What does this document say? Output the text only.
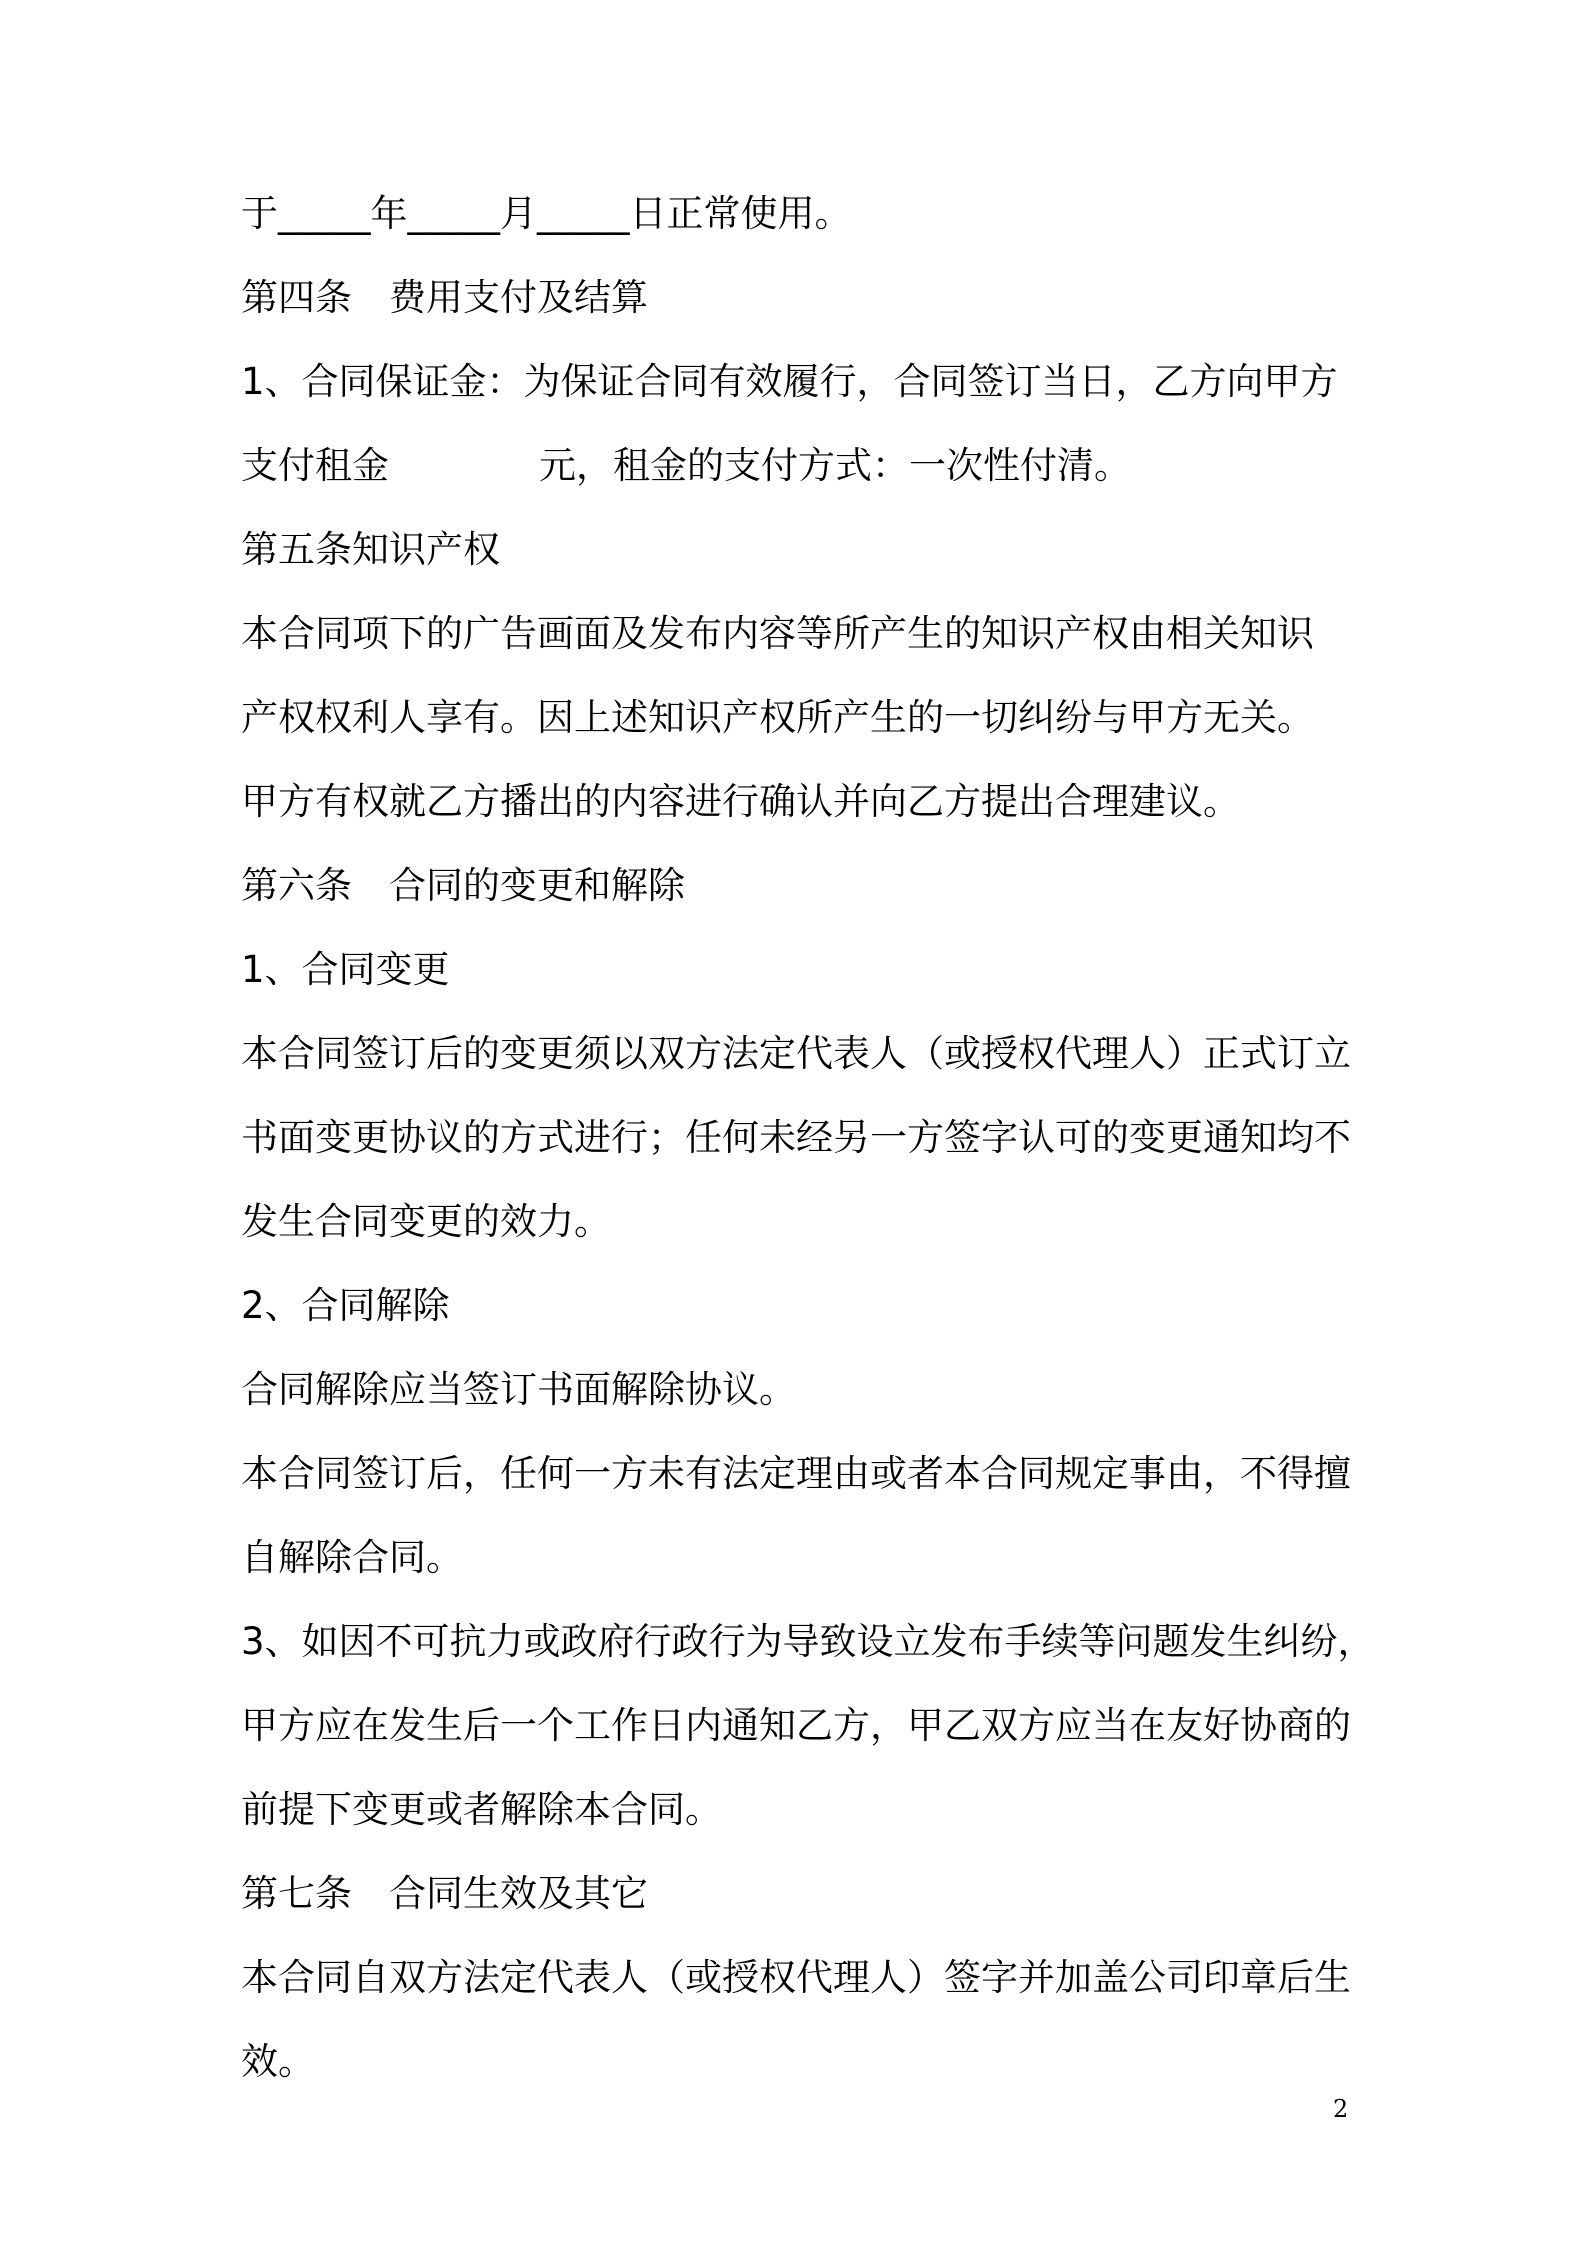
于_____年_____月_____日正常使用。
第四条　费用支付及结算
1、合同保证金：为保证合同有效履行，合同签订当日，乙方向甲方
支付租金	元，租金的支付方式：一次性付清。
第五条知识产权
本合同项下的广告画面及发布内容等所产生的知识产权由相关知识
产权权利人享有。因上述知识产权所产生的一切纠纷与甲方无关。
甲方有权就乙方播出的内容进行确认并向乙方提出合理建议。
第六条　合同的变更和解除
1、合同变更
本合同签订后的变更须以双方法定代表人（或授权代理人）正式订立
书面变更协议的方式进行；任何未经另一方签字认可的变更通知均不
发生合同变更的效力。
2、合同解除
合同解除应当签订书面解除协议。
本合同签订后，任何一方未有法定理由或者本合同规定事由，不得擅
自解除合同。
3、如因不可抗力或政府行政行为导致设立发布手续等问题发生纠纷，
甲方应在发生后一个工作日内通知乙方，甲乙双方应当在友好协商的
前提下变更或者解除本合同。
第七条　合同生效及其它
本合同自双方法定代表人（或授权代理人）签字并加盖公司印章后生
效。
2
